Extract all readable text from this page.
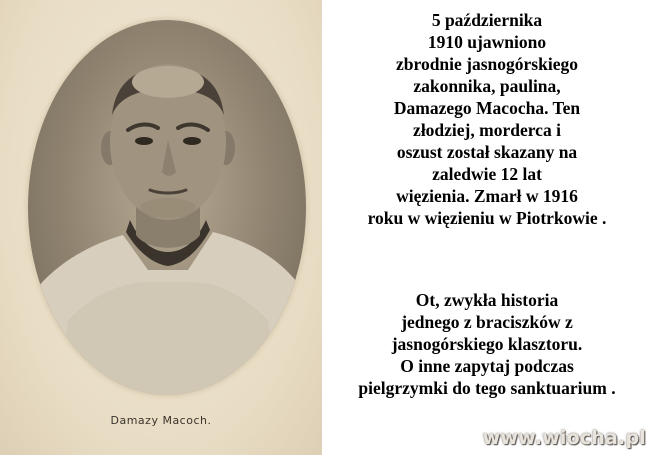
Damazy Macoch.
5 października
1910 ujawniono
zbrodnie jasnogórskiego
zakonnika, paulina,
Damazego Macocha. Ten
złodziej, morderca i
oszust został skazany na
zaledwie 12 lat
więzienia. Zmarł w 1916
roku w więzieniu w Piotrkowie .
Ot, zwykła historia
jednego z braciszków z
jasnogórskiego klasztoru.
O inne zapytaj podczas
pielgrzymki do tego sanktuarium .
www.wiocha.pl
